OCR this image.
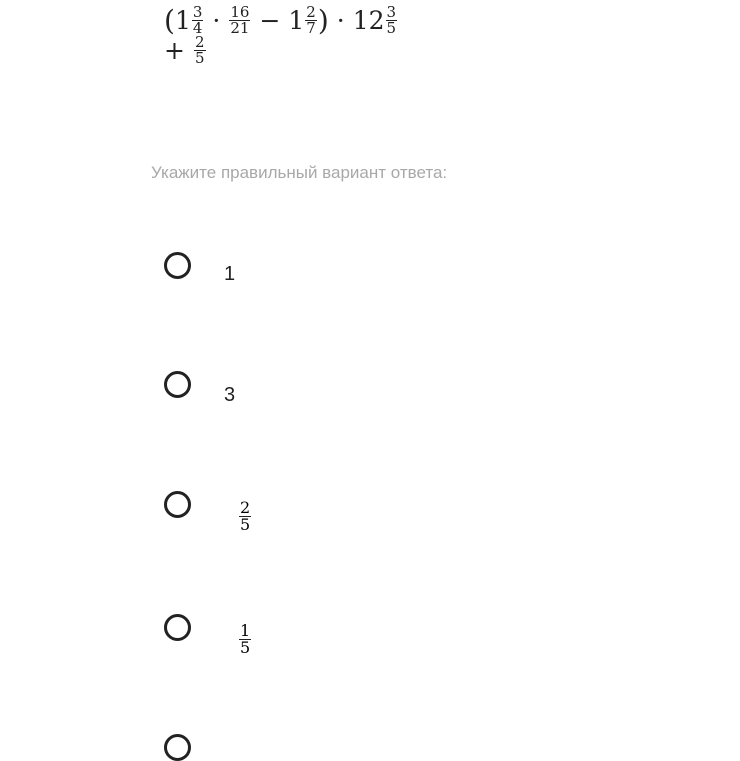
( $1 \frac{3}{4} \cdot \frac{16}{21} - 1 \frac{2}{7}$ ) · $12 \frac{3}{5}$
+ $\frac{2}{5}$
Укажите правильный вариант ответа:
1
3
$\frac{2}{5}$
$\frac{1}{5}$
